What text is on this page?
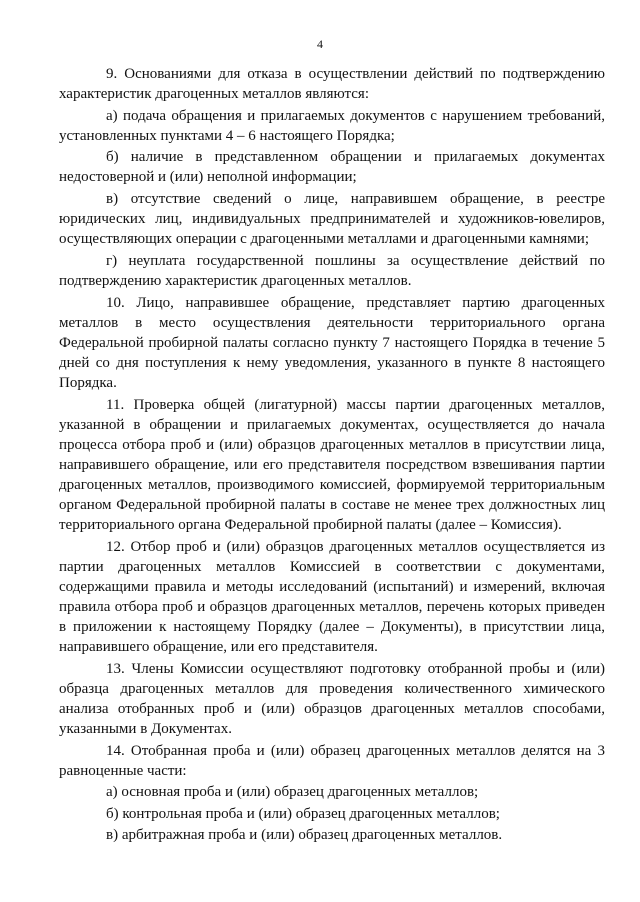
4

9. Основаниями для отказа в осуществлении действий по подтверждению характеристик драгоценных металлов являются:

а) подача обращения и прилагаемых документов с нарушением требований, установленных пунктами 4 – 6 настоящего Порядка;

б) наличие в представленном обращении и прилагаемых документах недостоверной и (или) неполной информации;

в) отсутствие сведений о лице, направившем обращение, в реестре юридических лиц, индивидуальных предпринимателей и художников-ювелиров, осуществляющих операции с драгоценными металлами и драгоценными камнями;

г) неуплата государственной пошлины за осуществление действий по подтверждению характеристик драгоценных металлов.

10. Лицо, направившее обращение, представляет партию драгоценных металлов в место осуществления деятельности территориального органа Федеральной пробирной палаты согласно пункту 7 настоящего Порядка в течение 5 дней со дня поступления к нему уведомления, указанного в пункте 8 настоящего Порядка.

11. Проверка общей (лигатурной) массы партии драгоценных металлов, указанной в обращении и прилагаемых документах, осуществляется до начала процесса отбора проб и (или) образцов драгоценных металлов в присутствии лица, направившего обращение, или его представителя посредством взвешивания партии драгоценных металлов, производимого комиссией, формируемой территориальным органом Федеральной пробирной палаты в составе не менее трех должностных лиц территориального органа Федеральной пробирной палаты (далее – Комиссия).

12. Отбор проб и (или) образцов драгоценных металлов осуществляется из партии драгоценных металлов Комиссией в соответствии с документами, содержащими правила и методы исследований (испытаний) и измерений, включая правила отбора проб и образцов драгоценных металлов, перечень которых приведен в приложении к настоящему Порядку (далее – Документы), в присутствии лица, направившего обращение, или его представителя.

13. Члены Комиссии осуществляют подготовку отобранной пробы и (или) образца драгоценных металлов для проведения количественного химического анализа отобранных проб и (или) образцов драгоценных металлов способами, указанными в Документах.

14. Отобранная проба и (или) образец драгоценных металлов делятся на 3 равноценные части:

а) основная проба и (или) образец драгоценных металлов;

б) контрольная проба и (или) образец драгоценных металлов;

в) арбитражная проба и (или) образец драгоценных металлов.
